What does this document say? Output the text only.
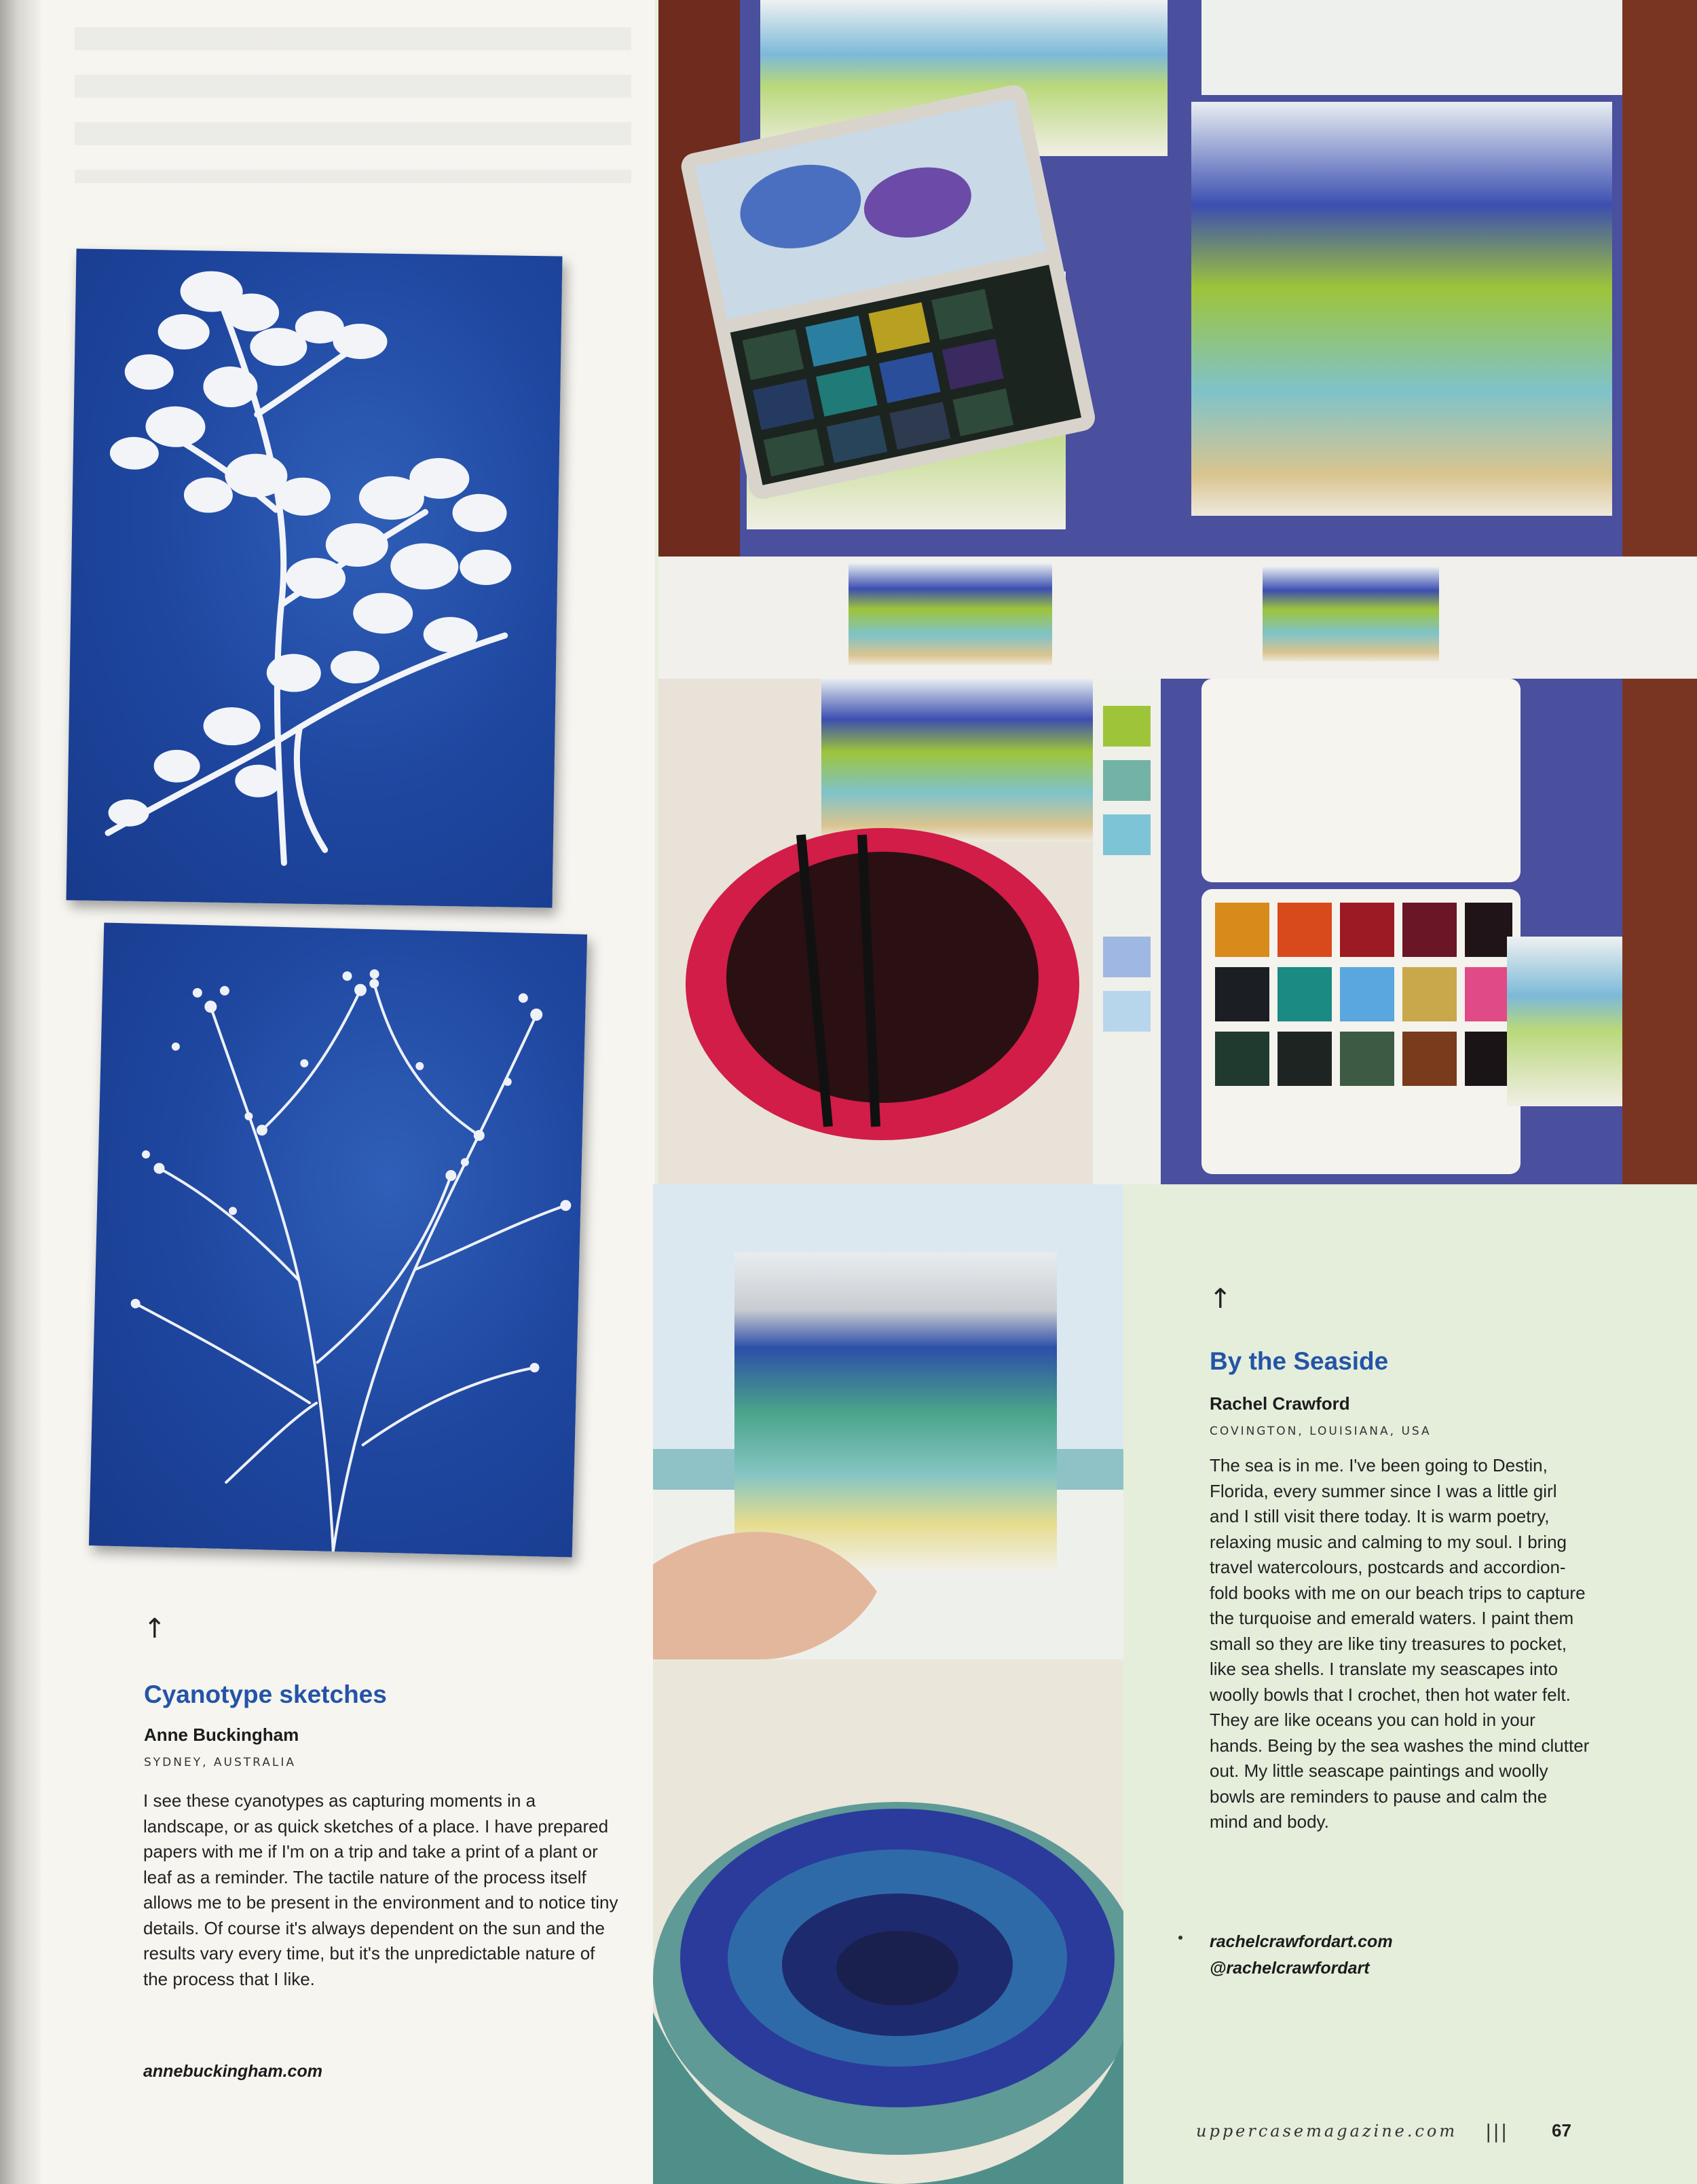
↑
Cyanotype sketches
Anne Buckingham
SYDNEY, AUSTRALIA
I see these cyanotypes as capturing moments in a landscape, or as quick sketches of a place. I have prepared papers with me if I'm on a trip and take a print of a plant or leaf as a reminder. The tactile nature of the process itself allows me to be present in the environment and to notice tiny details. Of course it's always dependent on the sun and the results vary every time, but it's the unpredictable nature of the process that I like.
annebuckingham.com
↑
By the Seaside
Rachel Crawford
COVINGTON, LOUISIANA, USA
The sea is in me. I've been going to Destin, Florida, every summer since I was a little girl and I still visit there today. It is warm poetry, relaxing music and calming to my soul. I bring travel watercolours, postcards and accordion-fold books with me on our beach trips to capture the turquoise and emerald waters. I paint them small so they are like tiny treasures to pocket, like sea shells. I translate my seascapes into woolly bowls that I crochet, then hot water felt. They are like oceans you can hold in your hands. Being by the sea washes the mind clutter out. My little seascape paintings and woolly bowls are reminders to pause and calm the mind and body.
rachelcrawfordart.com
@rachelcrawfordart
uppercasemagazine.com ||| 67
